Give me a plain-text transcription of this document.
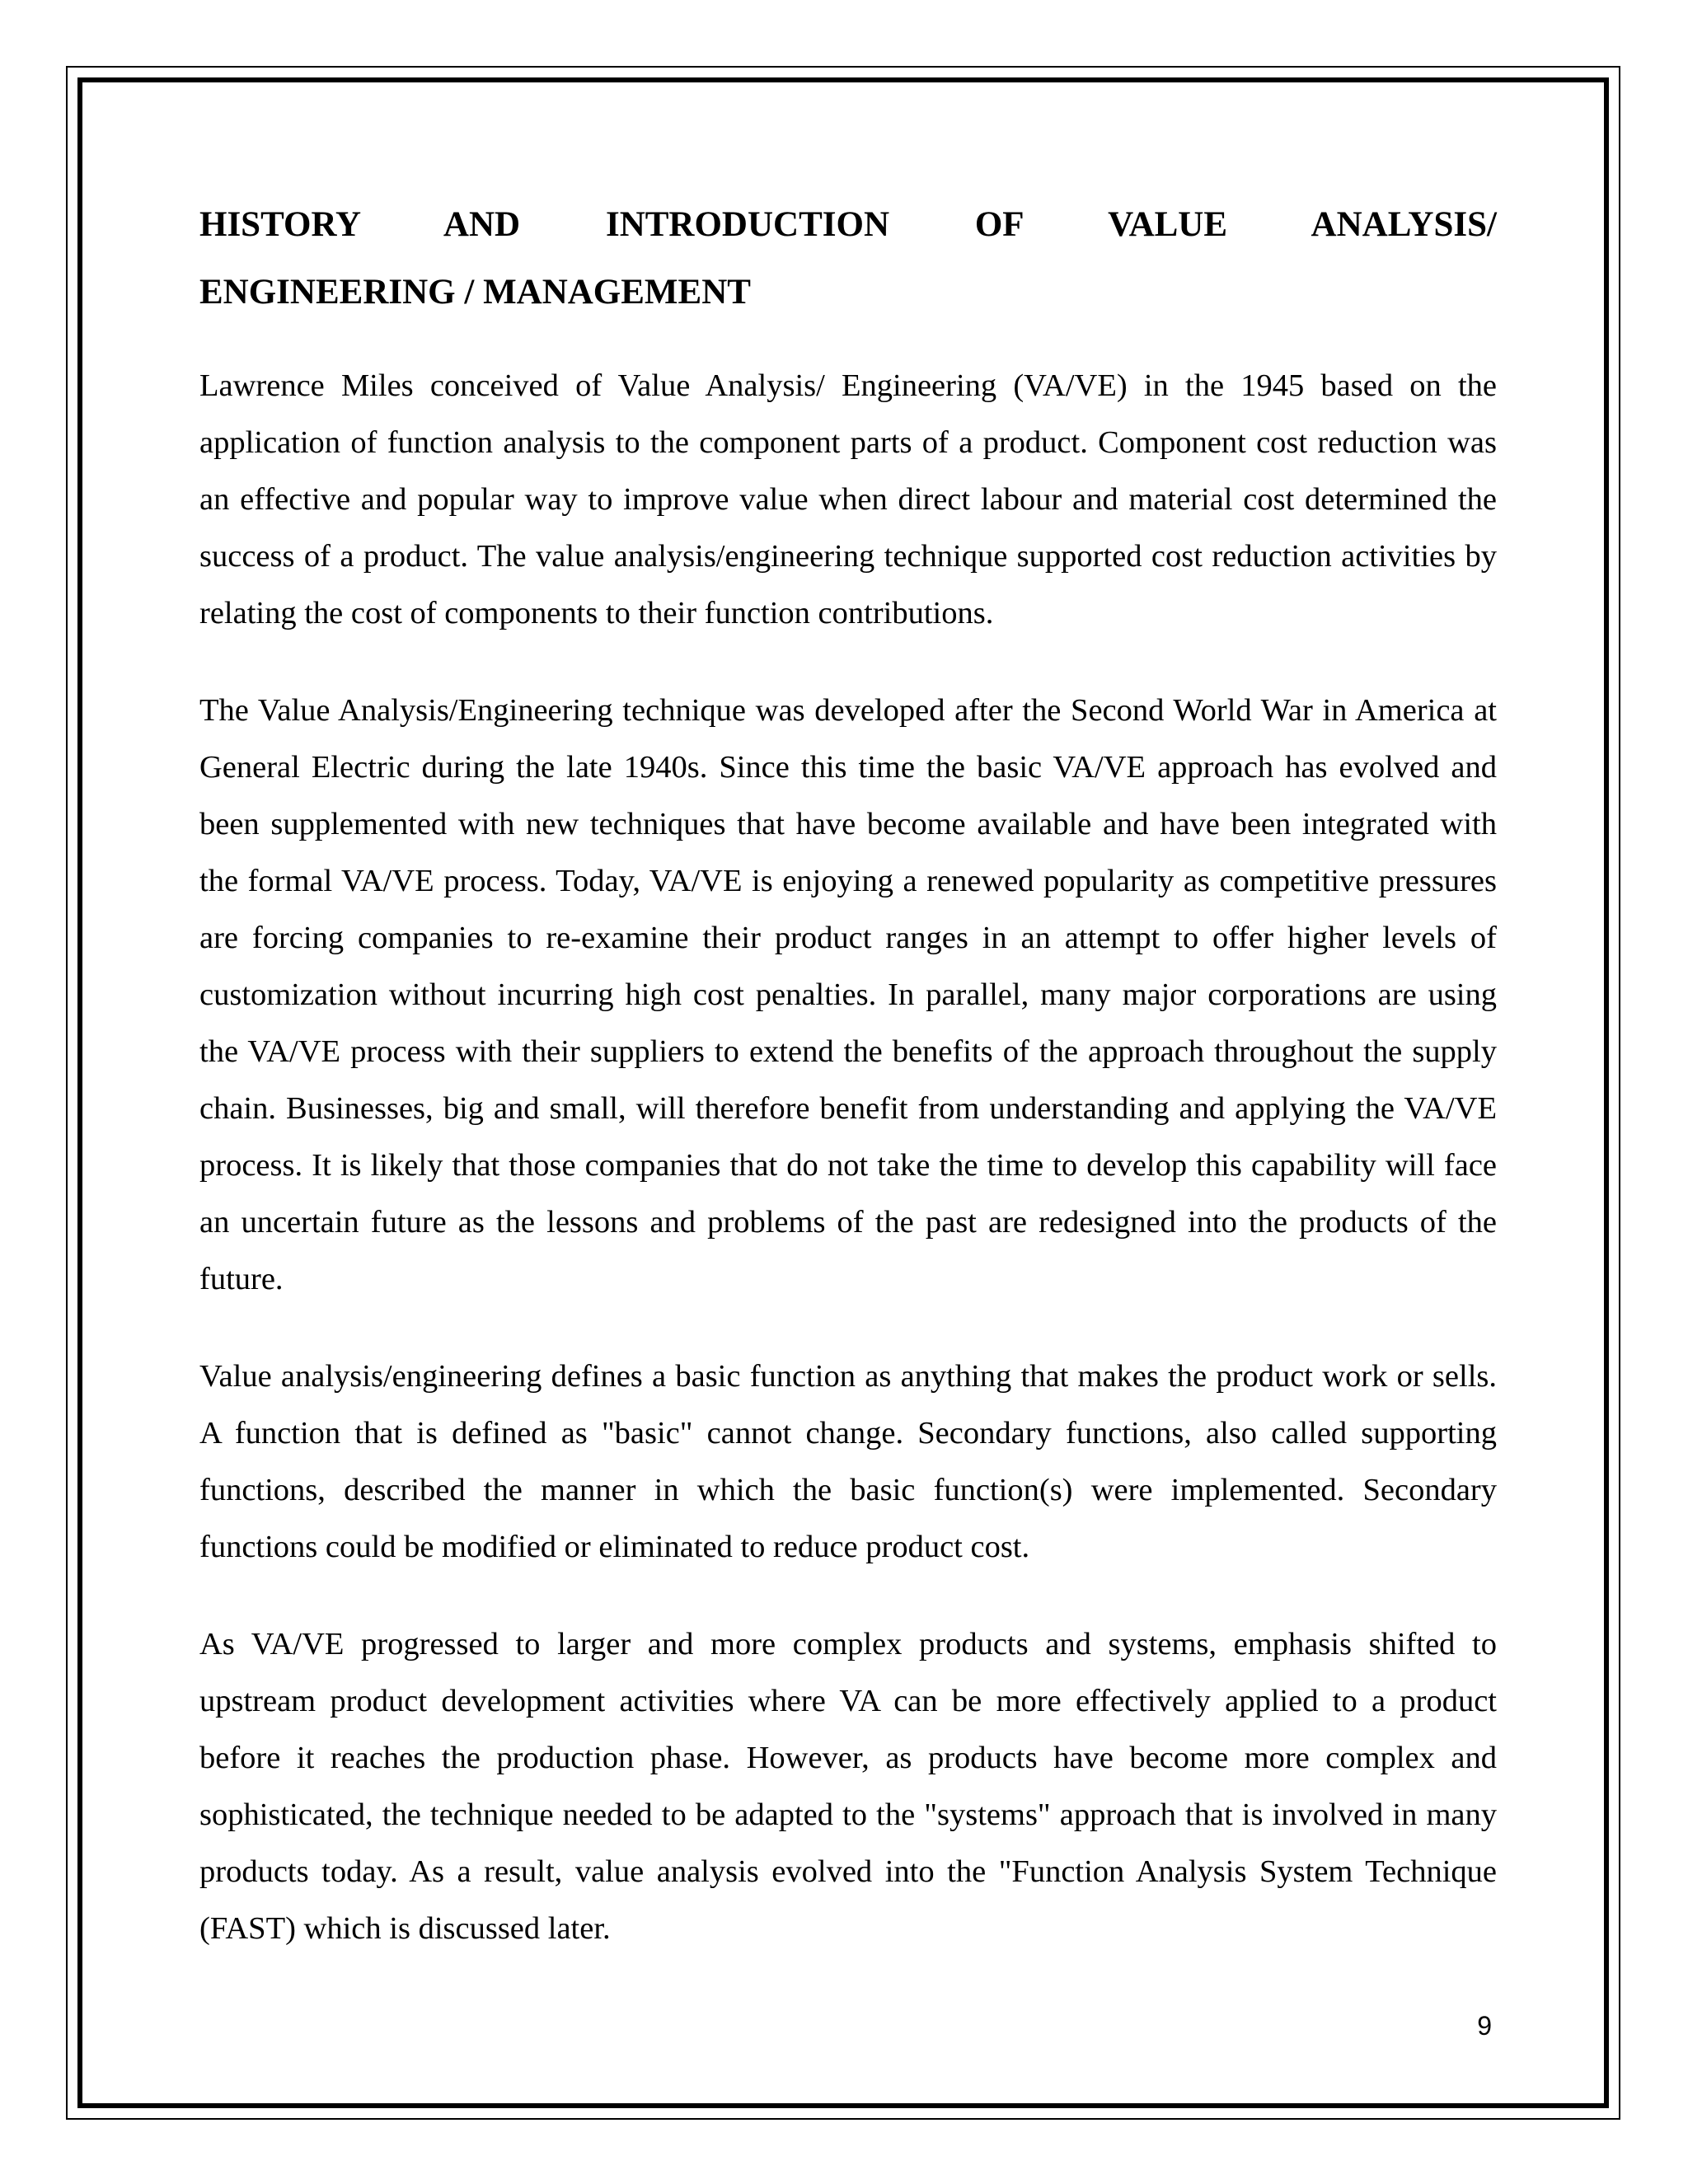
HISTORY AND INTRODUCTION OF VALUE ANALYSIS/
ENGINEERING / MANAGEMENT

Lawrence Miles conceived of Value Analysis/ Engineering (VA/VE) in the 1945 based on the application of function analysis to the component parts of a product. Component cost reduction was an effective and popular way to improve value when direct labour and material cost determined the success of a product. The value analysis/engineering technique supported cost reduction activities by relating the cost of components to their function contributions.

The Value Analysis/Engineering technique was developed after the Second World War in America at General Electric during the late 1940s. Since this time the basic VA/VE approach has evolved and been supplemented with new techniques that have become available and have been integrated with the formal VA/VE process. Today, VA/VE is enjoying a renewed popularity as competitive pressures are forcing companies to re-examine their product ranges in an attempt to offer higher levels of customization without incurring high cost penalties. In parallel, many major corporations are using the VA/VE process with their suppliers to extend the benefits of the approach throughout the supply chain. Businesses, big and small, will therefore benefit from understanding and applying the VA/VE process. It is likely that those companies that do not take the time to develop this capability will face an uncertain future as the lessons and problems of the past are redesigned into the products of the future.

Value analysis/engineering defines a basic function as anything that makes the product work or sells. A function that is defined as "basic" cannot change. Secondary functions, also called supporting functions, described the manner in which the basic function(s) were implemented. Secondary functions could be modified or eliminated to reduce product cost.

As VA/VE progressed to larger and more complex products and systems, emphasis shifted to upstream product development activities where VA can be more effectively applied to a product before it reaches the production phase. However, as products have become more complex and sophisticated, the technique needed to be adapted to the "systems" approach that is involved in many products today. As a result, value analysis evolved into the "Function Analysis System Technique (FAST) which is discussed later.

9
